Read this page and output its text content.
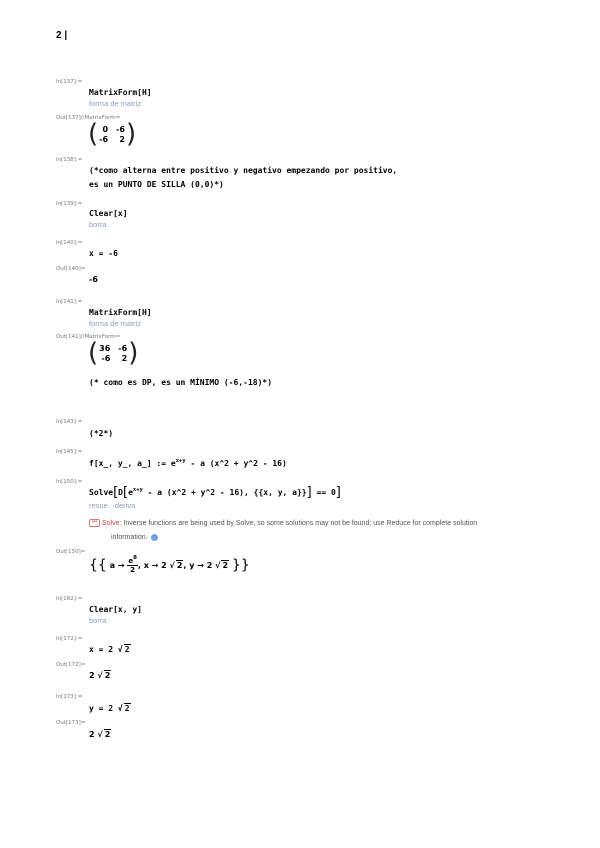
2 |
In[137]:=
MatrixForm[H]
forma de matriz
Out[137]//MatrixForm=
( 0 -6
-6	2 )
In[138]:=
(*como alterna entre positivo y negativo empezando por positivo,
es un PUNTO DE SILLA (0,0)*)
In[139]:=
Clear[x]
borra
In[140]:=
x = -6
Out[140]=
-6
In[141]:=
MatrixForm[H]
forma de matriz
Out[141]//MatrixForm=
( 36 -6
-6	2 )
(* como es DP, es un MÍNIMO (-6,-18)*)
In[143]:=
(*2*)
In[145]:=
f[x_, y_, a_] := $e^{x+y}$ - a (x^2 + y^2 - 16)
In[150]:=
$Solve[D[e^{x+y}$ - a (x^2 + y^2 - 16), {{x, y, a}}] == 0]
resue· ·deriva
••• Solve: Inverse functions are being used by Solve, so some solutions may not be found; use Reduce for complete solution
information.
Out[150]=
{{ $a \to \frac{e^8}{2}$ , x → 2 √ 2, y → 2 √ 2 }}
In[162]:=
Clear[x, y]
borra
In[172]:=
x = 2 √ 2
Out[172]=
2 √ 2
In[173]:=
y = 2 √ 2
Out[173]=
2 √ 2
